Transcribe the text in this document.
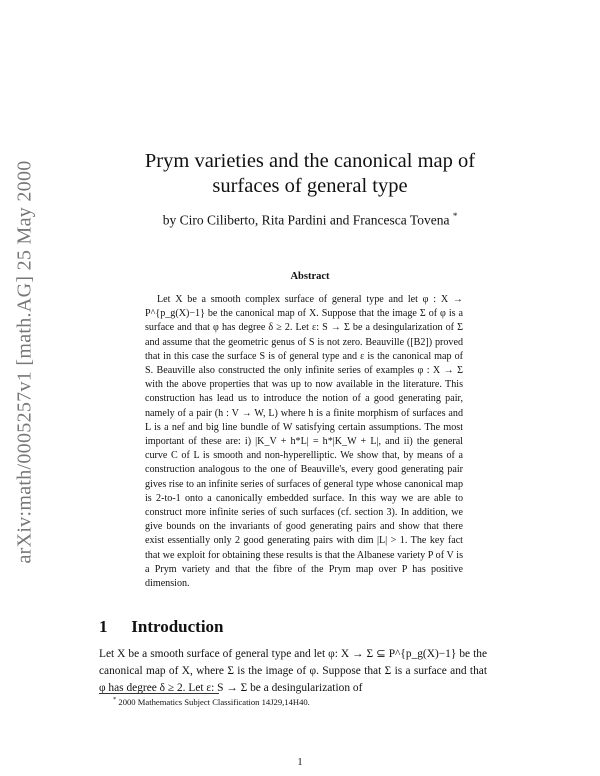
arXiv:math/0005257v1 [math.AG] 25 May 2000	Prym varieties and the canonical map of
surfaces of general type
by Ciro Ciliberto, Rita Pardini and Francesca Tovena *
Abstract

Let X be a smooth complex surface of general type and let φ : X → P^{p_g(X)−1} be the canonical map of X. Suppose that the image Σ of φ is a surface and that φ has degree δ ≥ 2. Let ε: S → Σ be a desingularization of Σ and assume that the geometric genus of S is not zero. Beauville ([B2]) proved that in this case the surface S is of general type and ε is the canonical map of S. Beauville also constructed the only infinite series of examples φ : X → Σ with the above properties that was up to now available in the literature. This construction has lead us to introduce the notion of a good generating pair, namely of a pair (h : V → W, L) where h is a finite morphism of surfaces and L is a nef and big line bundle of W satisfying certain assumptions. The most important of these are: i) |K_V + h*L| = h*|K_W + L|, and ii) the general curve C of L is smooth and non-hyperelliptic. We show that, by means of a construction analogous to the one of Beauville's, every good generating pair gives rise to an infinite series of surfaces of general type whose canonical map is 2-to-1 onto a canonically embedded surface. In this way we are able to construct more infinite series of such surfaces (cf. section 3). In addition, we give bounds on the invariants of good generating pairs and show that there exist essentially only 2 good generating pairs with dim |L| > 1. The key fact that we exploit for obtaining these results is that the Albanese variety P of V is a Prym variety and that the fibre of the Prym map over P has positive dimension.

1 Introduction

Let X be a smooth surface of general type and let φ: X → Σ ⊆ P^{p_g(X)−1} be the canonical map of X, where Σ is the image of φ. Suppose that Σ is a surface and that φ has degree δ ≥ 2. Let ε: S → Σ be a desingularization of

* 2000 Mathematics Subject Classification 14J29,14H40.
1
